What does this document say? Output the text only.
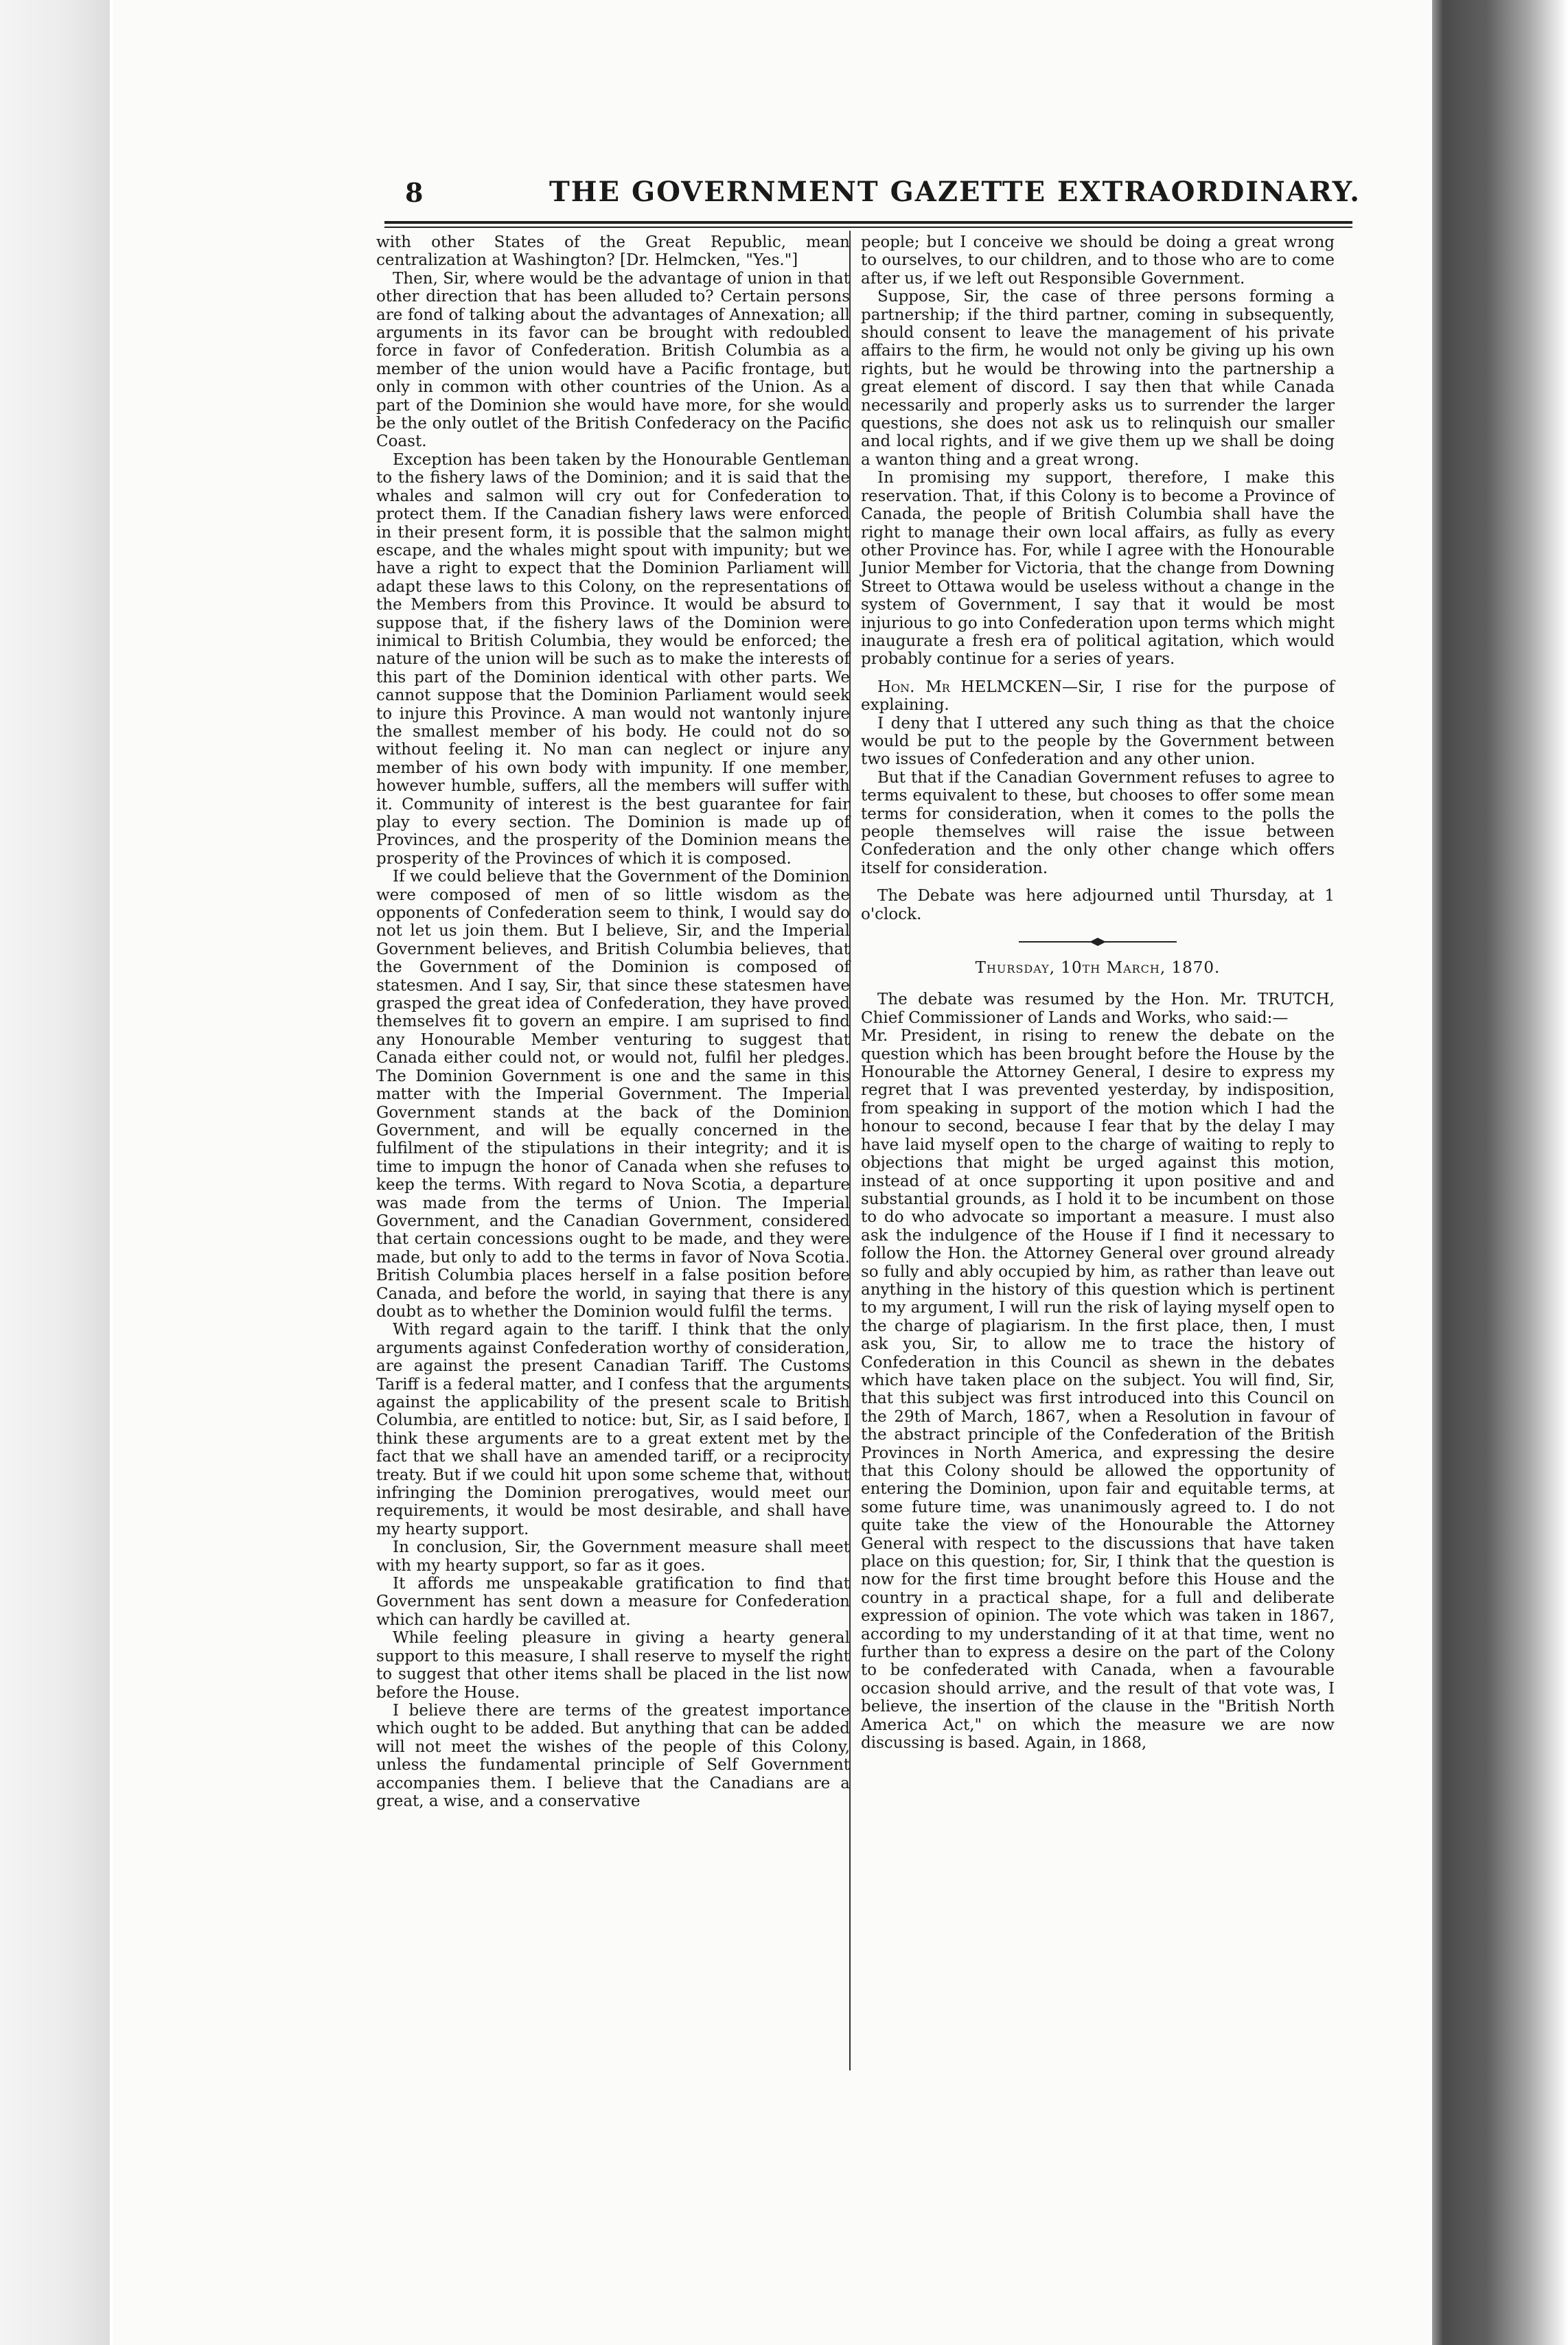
8	THE GOVERNMENT GAZETTE EXTRAORDINARY.

with other States of the Great Republic, mean centralization at Washington? [Dr. Helmcken, "Yes."]

Then, Sir, where would be the advantage of union in that other direction that has been alluded to? Certain persons are fond of talking about the advantages of Annexation; all arguments in its favor can be brought with redoubled force in favor of Confederation. British Columbia as a member of the union would have a Pacific frontage, but only in common with other countries of the Union. As a part of the Dominion she would have more, for she would be the only outlet of the British Confederacy on the Pacific Coast.

Exception has been taken by the Honourable Gentleman to the fishery laws of the Dominion; and it is said that the whales and salmon will cry out for Confederation to protect them. If the Canadian fishery laws were enforced in their present form, it is possible that the salmon might escape, and the whales might spout with impunity; but we have a right to expect that the Dominion Parliament will adapt these laws to this Colony, on the representations of the Members from this Province. It would be absurd to suppose that, if the fishery laws of the Dominion were inimical to British Columbia, they would be enforced; the nature of the union will be such as to make the interests of this part of the Dominion identical with other parts. We cannot suppose that the Dominion Parliament would seek to injure this Province. A man would not wantonly injure the smallest member of his body. He could not do so without feeling it. No man can neglect or injure any member of his own body with impunity. If one member, however humble, suffers, all the members will suffer with it. Community of interest is the best guarantee for fair play to every section. The Dominion is made up of Provinces, and the prosperity of the Dominion means the prosperity of the Provinces of which it is composed.

If we could believe that the Government of the Dominion were composed of men of so little wisdom as the opponents of Confederation seem to think, I would say do not let us join them. But I believe, Sir, and the Imperial Government believes, and British Columbia believes, that the Government of the Dominion is composed of statesmen. And I say, Sir, that since these statesmen have grasped the great idea of Confederation, they have proved themselves fit to govern an empire. I am suprised to find any Honourable Member venturing to suggest that Canada either could not, or would not, fulfil her pledges. The Dominion Government is one and the same in this matter with the Imperial Government. The Imperial Government stands at the back of the Dominion Government, and will be equally concerned in the fulfilment of the stipulations in their integrity; and it is time to impugn the honor of Canada when she refuses to keep the terms. With regard to Nova Scotia, a departure was made from the terms of Union. The Imperial Government, and the Canadian Government, considered that certain concessions ought to be made, and they were made, but only to add to the terms in favor of Nova Scotia. British Columbia places herself in a false position before Canada, and before the world, in saying that there is any doubt as to whether the Dominion would fulfil the terms.

With regard again to the tariff. I think that the only arguments against Confederation worthy of consideration, are against the present Canadian Tariff. The Customs Tariff is a federal matter, and I confess that the arguments against the applicability of the present scale to British Columbia, are entitled to notice: but, Sir, as I said before, I think these arguments are to a great extent met by the fact that we shall have an amended tariff, or a reciprocity treaty. But if we could hit upon some scheme that, without infringing the Dominion prerogatives, would meet our requirements, it would be most desirable, and shall have my hearty support.

In conclusion, Sir, the Government measure shall meet with my hearty support, so far as it goes.

It affords me unspeakable gratification to find that Government has sent down a measure for Confederation which can hardly be cavilled at.

While feeling pleasure in giving a hearty general support to this measure, I shall reserve to myself the right to suggest that other items shall be placed in the list now before the House.

I believe there are terms of the greatest importance which ought to be added. But anything that can be added will not meet the wishes of the people of this Colony, unless the fundamental principle of Self Government accompanies them. I believe that the Canadians are a great, a wise, and a conservative

people; but I conceive we should be doing a great wrong to ourselves, to our children, and to those who are to come after us, if we left out Responsible Government.

Suppose, Sir, the case of three persons forming a partnership; if the third partner, coming in subsequently, should consent to leave the management of his private affairs to the firm, he would not only be giving up his own rights, but he would be throwing into the partnership a great element of discord. I say then that while Canada necessarily and properly asks us to surrender the larger questions, she does not ask us to relinquish our smaller and local rights, and if we give them up we shall be doing a wanton thing and a great wrong.

In promising my support, therefore, I make this reservation. That, if this Colony is to become a Province of Canada, the people of British Columbia shall have the right to manage their own local affairs, as fully as every other Province has. For, while I agree with the Honourable Junior Member for Victoria, that the change from Downing Street to Ottawa would be useless without a change in the system of Government, I say that it would be most injurious to go into Confederation upon terms which might inaugurate a fresh era of political agitation, which would probably continue for a series of years.

Hon. Mr HELMCKEN—Sir, I rise for the purpose of explaining.

I deny that I uttered any such thing as that the choice would be put to the people by the Government between two issues of Confederation and any other union.

But that if the Canadian Government refuses to agree to terms equivalent to these, but chooses to offer some mean terms for consideration, when it comes to the polls the people themselves will raise the issue between Confederation and the only other change which offers itself for consideration.

The Debate was here adjourned until Thursday, at 1 o'clock.

Thursday, 10th March, 1870.

The debate was resumed by the Hon. Mr. TRUTCH, Chief Commissioner of Lands and Works, who said:—

Mr. President, in rising to renew the debate on the question which has been brought before the House by the Honourable the Attorney General, I desire to express my regret that I was prevented yesterday, by indisposition, from speaking in support of the motion which I had the honour to second, because I fear that by the delay I may have laid myself open to the charge of waiting to reply to objections that might be urged against this motion, instead of at once supporting it upon positive and and substantial grounds, as I hold it to be incumbent on those to do who advocate so important a measure. I must also ask the indulgence of the House if I find it necessary to follow the Hon. the Attorney General over ground already so fully and ably occupied by him, as rather than leave out anything in the history of this question which is pertinent to my argument, I will run the risk of laying myself open to the charge of plagiarism. In the first place, then, I must ask you, Sir, to allow me to trace the history of Confederation in this Council as shewn in the debates which have taken place on the subject. You will find, Sir, that this subject was first introduced into this Council on the 29th of March, 1867, when a Resolution in favour of the abstract principle of the Confederation of the British Provinces in North America, and expressing the desire that this Colony should be allowed the opportunity of entering the Dominion, upon fair and equitable terms, at some future time, was unanimously agreed to. I do not quite take the view of the Honourable the Attorney General with respect to the discussions that have taken place on this question; for, Sir, I think that the question is now for the first time brought before this House and the country in a practical shape, for a full and deliberate expression of opinion. The vote which was taken in 1867, according to my understanding of it at that time, went no further than to express a desire on the part of the Colony to be confederated with Canada, when a favourable occasion should arrive, and the result of that vote was, I believe, the insertion of the clause in the "British North America Act," on which the measure we are now discussing is based. Again, in 1868,
